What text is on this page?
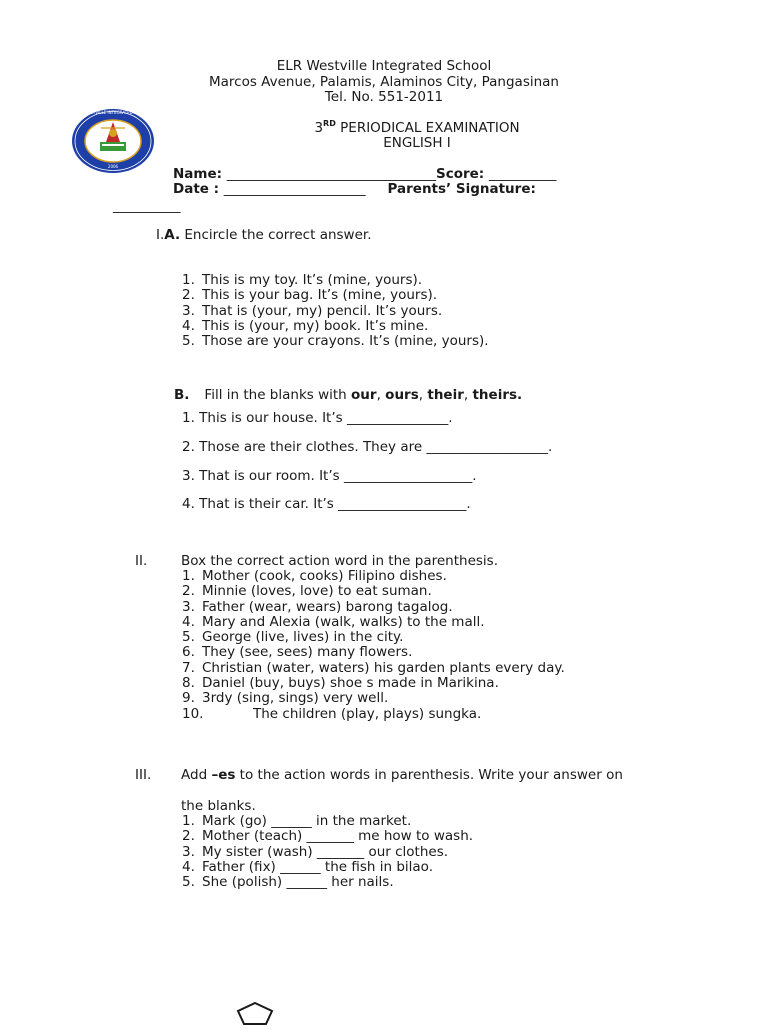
ELR Westville Integrated School
Marcos Avenue, Palamis, Alaminos City, Pangasinan
Tel. No. 551-2011
ELR WESTVILLE INTEGRATED SCHOOL
2006
3RD PERIODICAL EXAMINATION
ENGLISH I
Name: _______________________________Score: __________
Date : _____________________ Parents’ Signature:
__________
I.A. Encircle the correct answer.
1. This is my toy. It’s (mine, yours).
2. This is your bag. It’s (mine, yours).
3. That is (your, my) pencil. It’s yours.
4. This is (your, my) book. It’s mine.
5. Those are your crayons. It’s (mine, yours).
B. Fill in the blanks with our, ours, their, theirs.
1. This is our house. It’s _______________.
2. Those are their clothes. They are __________________.
3. That is our room. It’s ___________________.
4. That is their car. It’s ___________________.
II. Box the correct action word in the parenthesis.
1. Mother (cook, cooks) Filipino dishes.
2. Minnie (loves, love) to eat suman.
3. Father (wear, wears) barong tagalog.
4. Mary and Alexia (walk, walks) to the mall.
5. George (live, lives) in the city.
6. They (see, sees) many flowers.
7. Christian (water, waters) his garden plants every day.
8. Daniel (buy, buys) shoe s made in Marikina.
9. 3rdy (sing, sings) very well.
10.	The children (play, plays) sungka.
III. Add –es to the action words in parenthesis. Write your answer on
the blanks.
1. Mark (go) ______ in the market.
2. Mother (teach) _______ me how to wash.
3. My sister (wash) _______ our clothes.
4. Father (fix) ______ the fish in bilao.
5. She (polish) ______ her nails.
